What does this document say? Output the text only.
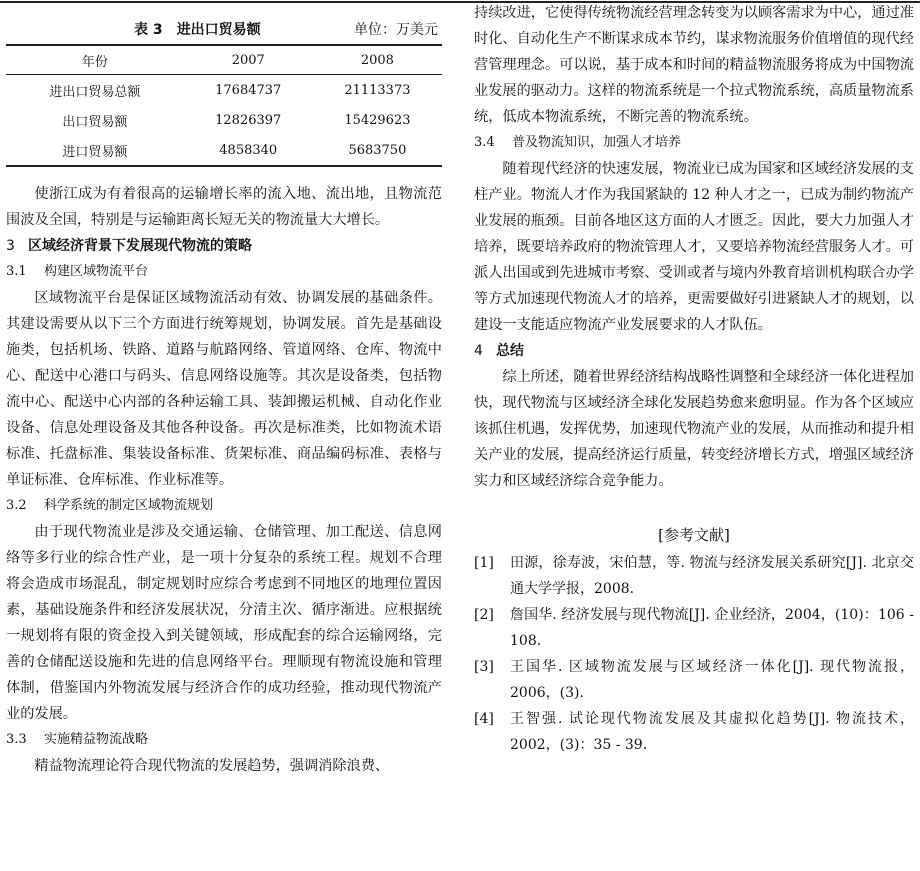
表 3　进出口贸易额	单位：万美元
年份	2007	2008
进出口贸易总额	17684737	21113373
出口贸易额	12826397	15429623
进口贸易额	4858340	5683750

使浙江成为有着很高的运输增长率的流入地、流出地，且物流范围波及全国，特别是与运输距离长短无关的物流量大大增长。

3 区域经济背景下发展现代物流的策略
3.1 构建区域物流平台

区域物流平台是保证区域物流活动有效、协调发展的基础条件。其建设需要从以下三个方面进行统筹规划，协调发展。首先是基础设施类，包括机场、铁路、道路与航路网络、管道网络、仓库、物流中心、配送中心港口与码头、信息网络设施等。其次是设备类，包括物流中心、配送中心内部的各种运输工具、装卸搬运机械、自动化作业设备、信息处理设备及其他各种设备。再次是标准类，比如物流术语标准、托盘标准、集装设备标准、货架标准、商品编码标准、表格与单证标准、仓库标准、作业标准等。

3.2 科学系统的制定区域物流规划

由于现代物流业是涉及交通运输、仓储管理、加工配送、信息网络等多行业的综合性产业，是一项十分复杂的系统工程。规划不合理将会造成市场混乱，制定规划时应综合考虑到不同地区的地理位置因素，基础设施条件和经济发展状况，分清主次、循序渐进。应根据统一规划将有限的资金投入到关键领域，形成配套的综合运输网络，完善的仓储配送设施和先进的信息网络平台。理顺现有物流设施和管理体制，借鉴国内外物流发展与经济合作的成功经验，推动现代物流产业的发展。

3.3 实施精益物流战略

精益物流理论符合现代物流的发展趋势，强调消除浪费、

持续改进，它使得传统物流经营理念转变为以顾客需求为中心，通过准时化、自动化生产不断谋求成本节约，谋求物流服务价值增值的现代经营管理理念。可以说，基于成本和时间的精益物流服务将成为中国物流业发展的驱动力。这样的物流系统是一个拉式物流系统，高质量物流系统，低成本物流系统，不断完善的物流系统。

3.4 普及物流知识，加强人才培养

随着现代经济的快速发展，物流业已成为国家和区域经济发展的支柱产业。物流人才作为我国紧缺的 12 种人才之一，已成为制约物流产业发展的瓶颈。目前各地区这方面的人才匮乏。因此，要大力加强人才培养，既要培养政府的物流管理人才，又要培养物流经营服务人才。可派人出国或到先进城市考察、受训或者与境内外教育培训机构联合办学等方式加速现代物流人才的培养，更需要做好引进紧缺人才的规划，以建设一支能适应物流产业发展要求的人才队伍。

4 总结

综上所述，随着世界经济结构战略性调整和全球经济一体化进程加快，现代物流与区域经济全球化发展趋势愈来愈明显。作为各个区域应该抓住机遇，发挥优势，加速现代物流产业的发展，从而推动和提升相关产业的发展，提高经济运行质量，转变经济增长方式，增强区域经济实力和区域经济综合竞争能力。

[参考文献]
[1]	田源，徐寿波，宋伯慧，等. 物流与经济发展关系研究[J]. 北京交通大学学报，2008.
[2]	詹国华. 经济发展与现代物流[J]. 企业经济，2004，(10)：106 - 108.
[3]	王国华. 区域物流发展与区域经济一体化[J]. 现代物流报，2006，(3).
[4]	王智强. 试论现代物流发展及其虚拟化趋势[J]. 物流技术，2002，(3)：35 - 39.
